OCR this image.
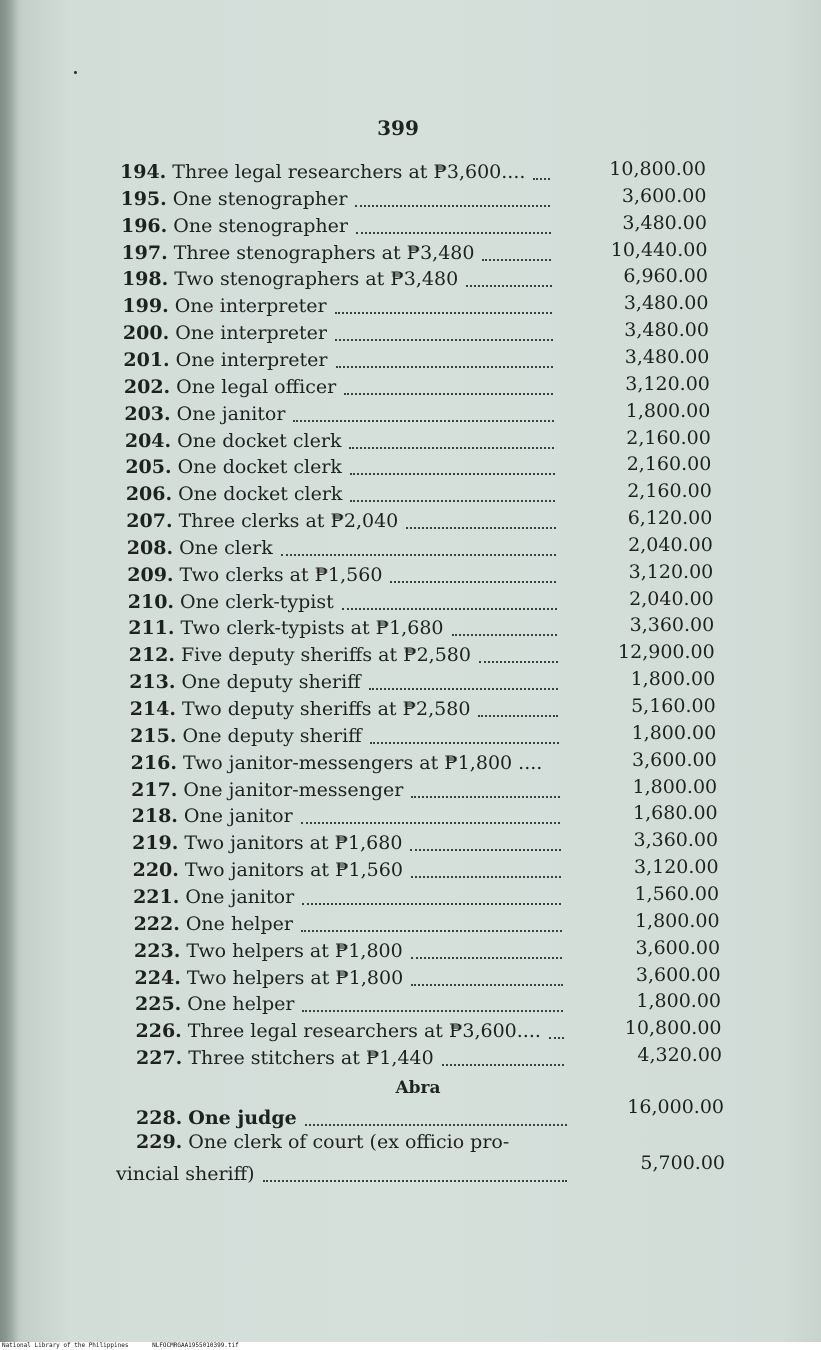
399
194. Three legal researchers at ₱3,600....	10,800.00
195. One stenographer	3,600.00
196. One stenographer	3,480.00
197. Three stenographers at ₱3,480	10,440.00
198. Two stenographers at ₱3,480	6,960.00
199. One interpreter	3,480.00
200. One interpreter	3,480.00
201. One interpreter	3,480.00
202. One legal officer	3,120.00
203. One janitor	1,800.00
204. One docket clerk	2,160.00
205. One docket clerk	2,160.00
206. One docket clerk	2,160.00
207. Three clerks at ₱2,040	6,120.00
208. One clerk	2,040.00
209. Two clerks at ₱1,560	3,120.00
210. One clerk-typist	2,040.00
211. Two clerk-typists at ₱1,680	3,360.00
212. Five deputy sheriffs at ₱2,580	12,900.00
213. One deputy sheriff	1,800.00
214. Two deputy sheriffs at ₱2,580	5,160.00
215. One deputy sheriff	1,800.00
216. Two janitor-messengers at ₱1,800 ....	3,600.00
217. One janitor-messenger	1,800.00
218. One janitor	1,680.00
219. Two janitors at ₱1,680	3,360.00
220. Two janitors at ₱1,560	3,120.00
221. One janitor	1,560.00
222. One helper	1,800.00
223. Two helpers at ₱1,800	3,600.00
224. Two helpers at ₱1,800	3,600.00
225. One helper	1,800.00
226. Three legal researchers at ₱3,600....	10,800.00
227. Three stitchers at ₱1,440	4,320.00
Abra
228. One judge	16,000.00
229. One clerk of court (ex officio pro-
vincial sheriff)	5,700.00
National Library of the Philippines	NLFOCMRGAA1955010399.tif
